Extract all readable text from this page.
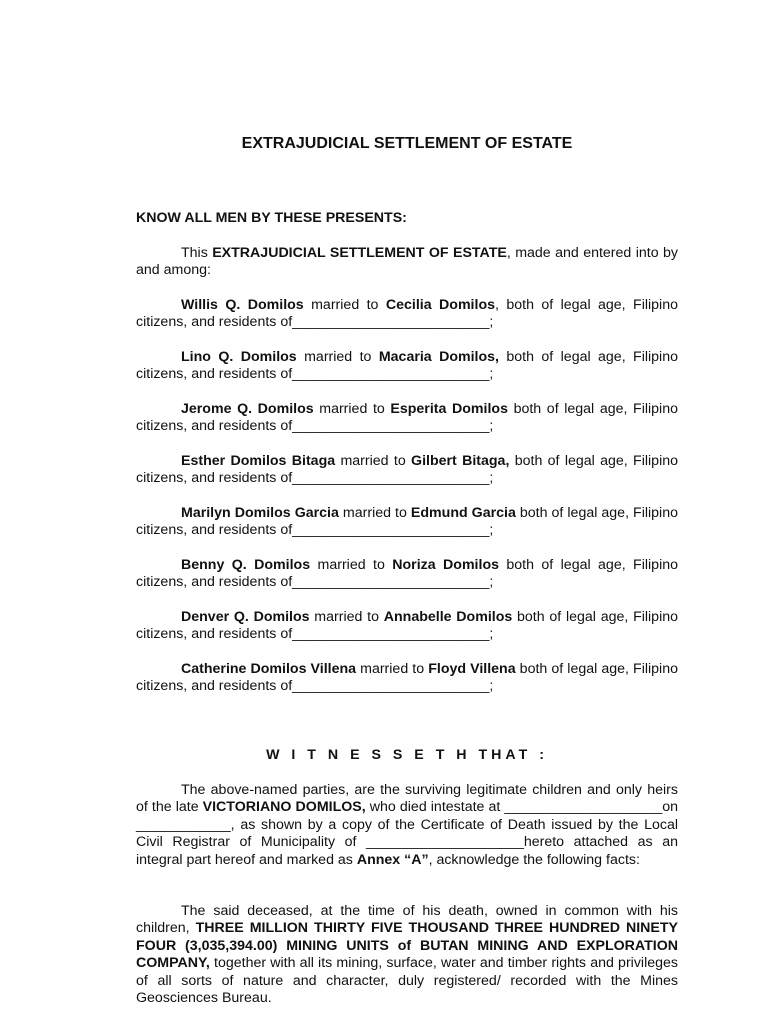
EXTRAJUDICIAL SETTLEMENT OF ESTATE
KNOW ALL MEN BY THESE PRESENTS:

This EXTRAJUDICIAL SETTLEMENT OF ESTATE, made and entered into by and among:

Willis Q. Domilos married to Cecilia Domilos, both of legal age, Filipino citizens, and residents of_________________________;

Lino Q. Domilos married to Macaria Domilos, both of legal age, Filipino citizens, and residents of_________________________;

Jerome Q. Domilos married to Esperita Domilos both of legal age, Filipino citizens, and residents of_________________________;

Esther Domilos Bitaga married to Gilbert Bitaga, both of legal age, Filipino citizens, and residents of_________________________;

Marilyn Domilos Garcia married to Edmund Garcia both of legal age, Filipino citizens, and residents of_________________________;

Benny Q. Domilos married to Noriza Domilos both of legal age, Filipino citizens, and residents of_________________________;

Denver Q. Domilos married to Annabelle Domilos both of legal age, Filipino citizens, and residents of_________________________;

Catherine Domilos Villena married to Floyd Villena both of legal age, Filipino citizens, and residents of_________________________;

W I T N E S S E T H THAT :

The above-named parties, are the surviving legitimate children and only heirs of the late VICTORIANO DOMILOS, who died intestate at ____________________on ____________, as shown by a copy of the Certificate of Death issued by the Local Civil Registrar of Municipality of ____________________hereto attached as an integral part hereof and marked as Annex “A”, acknowledge the following facts:

The said deceased, at the time of his death, owned in common with his children, THREE MILLION THIRTY FIVE THOUSAND THREE HUNDRED NINETY FOUR (3,035,394.00) MINING UNITS of BUTAN MINING AND EXPLORATION COMPANY, together with all its mining, surface, water and timber rights and privileges of all sorts of nature and character, duly registered/ recorded with the Mines Geosciences Bureau.
